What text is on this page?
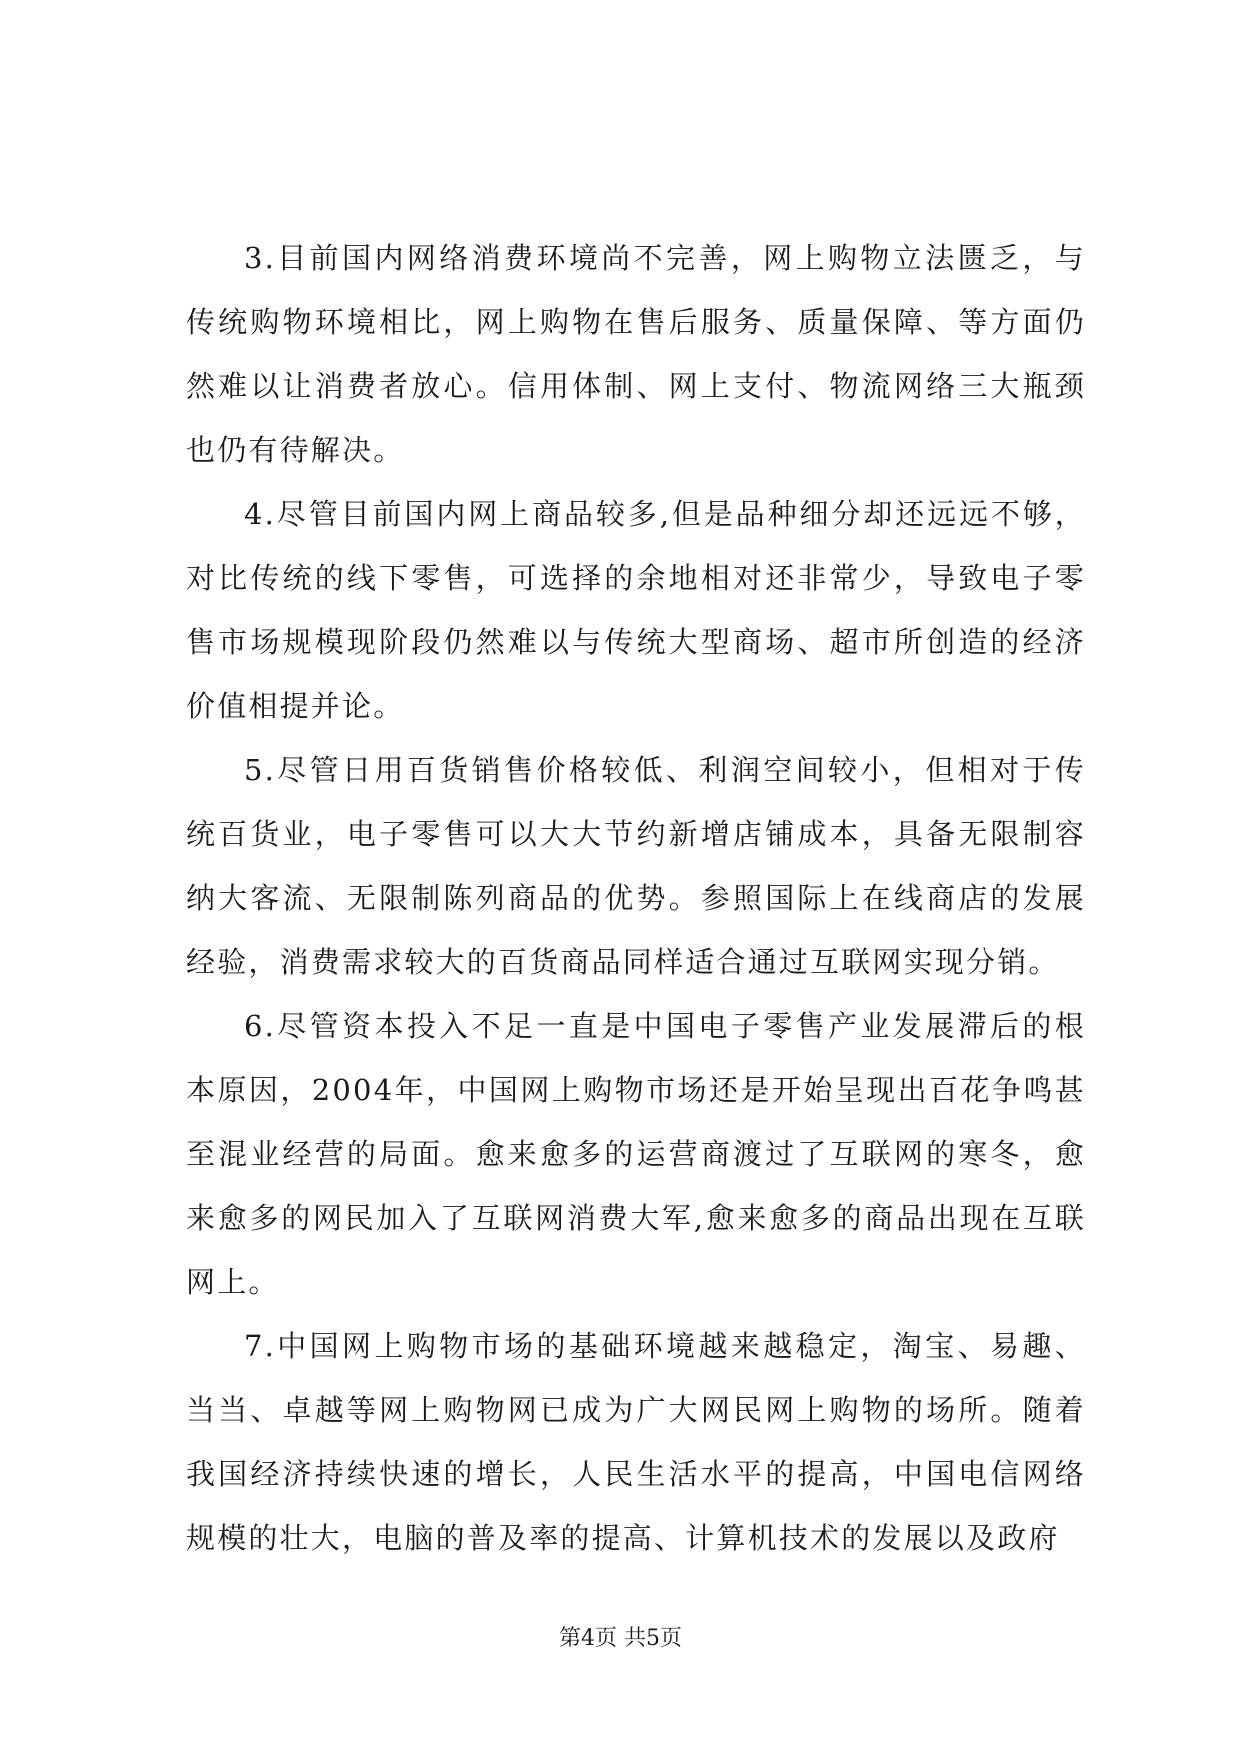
3.目前国内网络消费环境尚不完善，网上购物立法匮乏，与传统购物环境相比，网上购物在售后服务、质量保障、等方面仍然难以让消费者放心。信用体制、网上支付、物流网络三大瓶颈也仍有待解决。

4.尽管目前国内网上商品较多,但是品种细分却还远远不够，对比传统的线下零售，可选择的余地相对还非常少，导致电子零售市场规模现阶段仍然难以与传统大型商场、超市所创造的经济价值相提并论。

5.尽管日用百货销售价格较低、利润空间较小，但相对于传统百货业，电子零售可以大大节约新增店铺成本，具备无限制容纳大客流、无限制陈列商品的优势。参照国际上在线商店的发展经验，消费需求较大的百货商品同样适合通过互联网实现分销。

6.尽管资本投入不足一直是中国电子零售产业发展滞后的根本原因，2004年，中国网上购物市场还是开始呈现出百花争鸣甚至混业经营的局面。愈来愈多的运营商渡过了互联网的寒冬，愈来愈多的网民加入了互联网消费大军,愈来愈多的商品出现在互联网上。

7.中国网上购物市场的基础环境越来越稳定，淘宝、易趣、当当、卓越等网上购物网已成为广大网民网上购物的场所。随着我国经济持续快速的增长，人民生活水平的提高，中国电信网络规模的壮大，电脑的普及率的提高、计算机技术的发展以及政府

第4页 共5页
